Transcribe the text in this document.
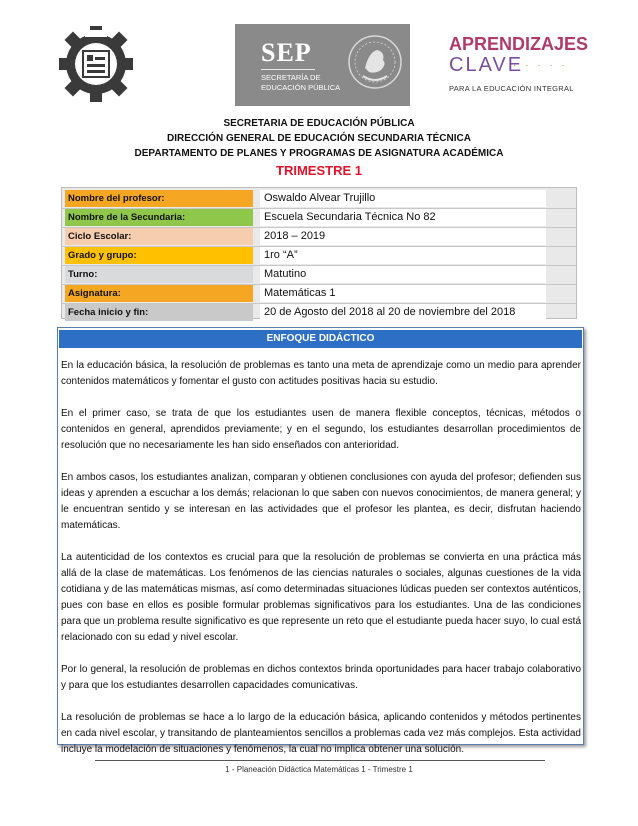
SEP
SECRETARÍA DE
EDUCACIÓN PÚBLICA
APRENDIZAJES
CLAVE
· · · · ·
PARA LA EDUCACIÓN INTEGRAL
SECRETARIA DE EDUCACIÓN PÚBLICA
DIRECCIÓN GENERAL DE EDUCACIÓN SECUNDARIA TÉCNICA
DEPARTAMENTO DE PLANES Y PROGRAMAS DE ASIGNATURA ACADÉMICA
TRIMESTRE 1
Nombre del profesor:	Oswaldo Alvear Trujillo
Nombre de la Secundaria:	Escuela Secundaria Técnica No 82
Ciclo Escolar:	2018 – 2019
Grado y grupo:	1ro “A”
Turno:	Matutino
Asignatura:	Matemáticas 1
Fecha inicio y fin:	20 de Agosto del 2018 al 20 de noviembre del 2018
ENFOQUE DIDÁCTICO

En la educación básica, la resolución de problemas es tanto una meta de aprendizaje como un medio para aprender contenidos matemáticos y fomentar el gusto con actitudes positivas hacia su estudio.

En el primer caso, se trata de que los estudiantes usen de manera flexible conceptos, técnicas, métodos o contenidos en general, aprendidos previamente; y en el segundo, los estudiantes desarrollan procedimientos de resolución que no necesariamente les han sido enseñados con anterioridad.

En ambos casos, los estudiantes analizan, comparan y obtienen conclusiones con ayuda del profesor; defienden sus ideas y aprenden a escuchar a los demás; relacionan lo que saben con nuevos conocimientos, de manera general; y le encuentran sentido y se interesan en las actividades que el profesor les plantea, es decir, disfrutan haciendo matemáticas.

La autenticidad de los contextos es crucial para que la resolución de problemas se convierta en una práctica más allá de la clase de matemáticas. Los fenómenos de las ciencias naturales o sociales, algunas cuestiones de la vida cotidiana y de las matemáticas mismas, así como determinadas situaciones lúdicas pueden ser contextos auténticos, pues con base en ellos es posible formular problemas significativos para los estudiantes. Una de las condiciones para que un problema resulte significativo es que represente un reto que el estudiante pueda hacer suyo, lo cual está relacionado con su edad y nivel escolar.

Por lo general, la resolución de problemas en dichos contextos brinda oportunidades para hacer trabajo colaborativo y para que los estudiantes desarrollen capacidades comunicativas.

La resolución de problemas se hace a lo largo de la educación básica, aplicando contenidos y métodos pertinentes en cada nivel escolar, y transitando de planteamientos sencillos a problemas cada vez más complejos. Esta actividad incluye la modelación de situaciones y fenómenos, la cual no implica obtener una solución.

1 - Planeación Didáctica Matemáticas 1 - Trimestre 1
